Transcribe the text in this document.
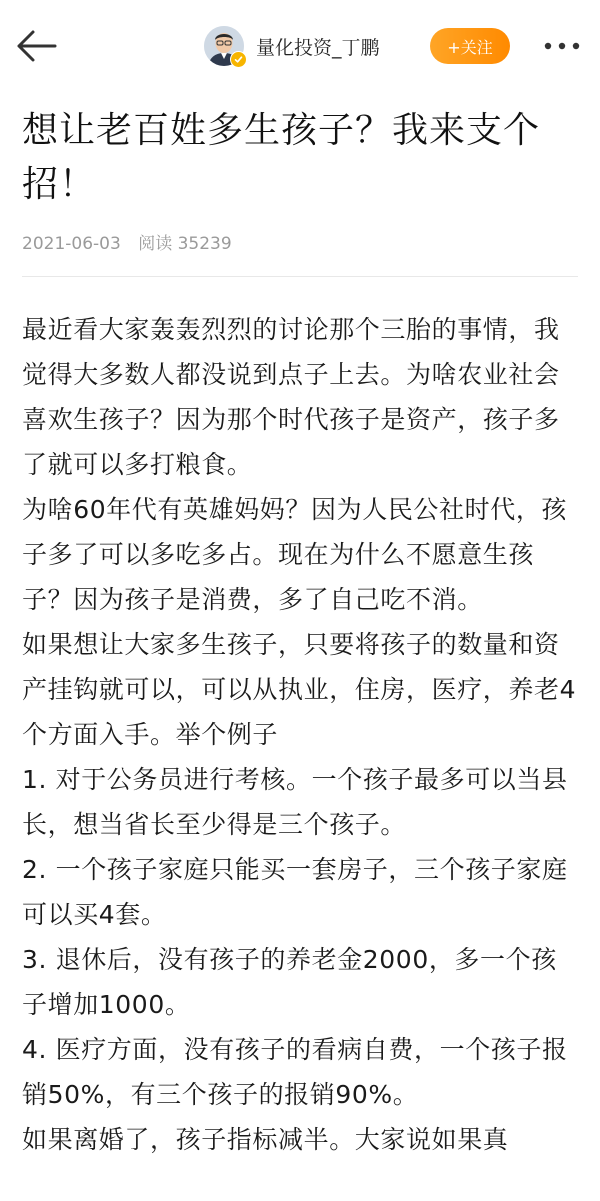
量化投资_丁鹏	+关注
想让老百姓多生孩子？我来支个招！
2021-06-03 阅读 35239

最近看大家轰轰烈烈的讨论那个三胎的事情，我觉得大多数人都没说到点子上去。为啥农业社会喜欢生孩子？因为那个时代孩子是资产，孩子多了就可以多打粮食。

为啥60年代有英雄妈妈？因为人民公社时代，孩子多了可以多吃多占。现在为什么不愿意生孩子？因为孩子是消费，多了自己吃不消。

如果想让大家多生孩子，只要将孩子的数量和资产挂钩就可以，可以从执业，住房，医疗，养老4个方面入手。举个例子

1. 对于公务员进行考核。一个孩子最多可以当县长，想当省长至少得是三个孩子。

2. 一个孩子家庭只能买一套房子，三个孩子家庭可以买4套。

3. 退休后，没有孩子的养老金2000，多一个孩子增加1000。

4. 医疗方面，没有孩子的看病自费，一个孩子报销50%，有三个孩子的报销90%。

如果离婚了，孩子指标减半。大家说如果真
